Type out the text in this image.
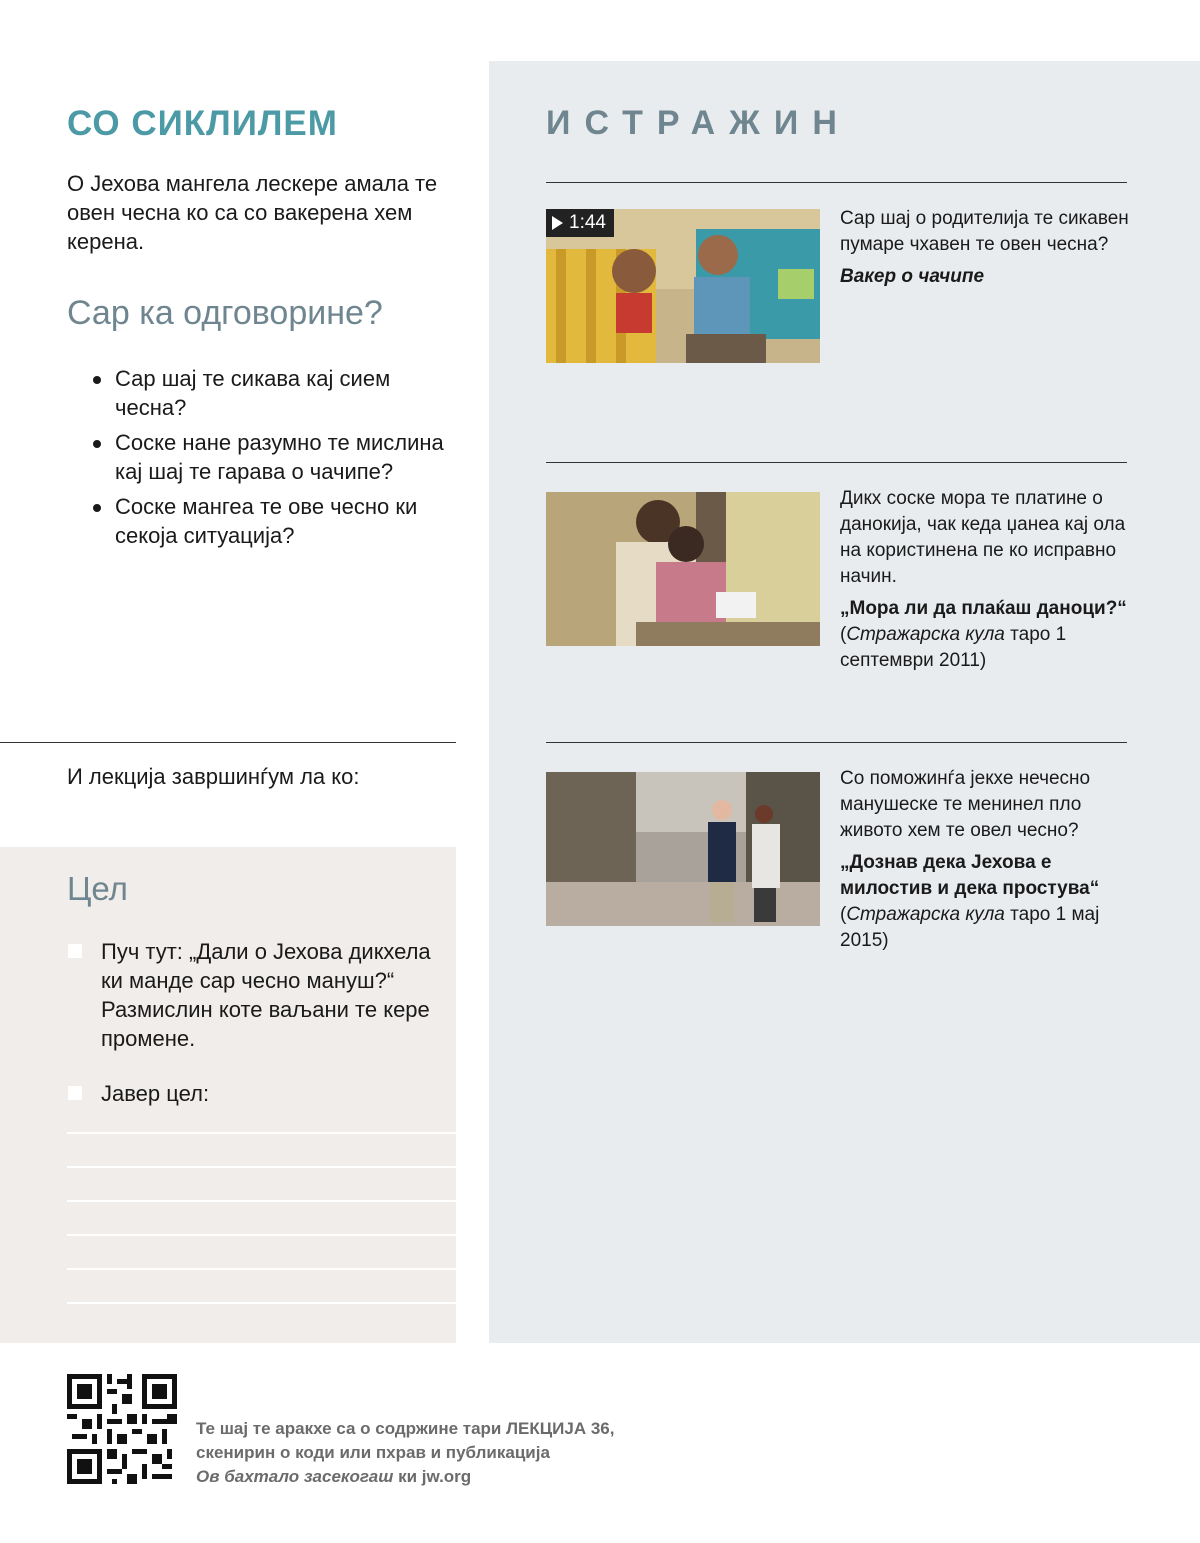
СО СИКЛИЛЕМ

О Јехова мангела лескере амала те овен чесна ко са со вакерена хем керена.

Сар ка одговорине?
Сар шај те сикава кај сием чесна?
Соске нане разумно те мислина кај шај те гарава о чачипе?
Соске мангеа те ове чесно ки секоја ситуација?
И лекција завршинѓум ла ко:
Цел
Пуч тут: „Дали о Јехова дикхела ки манде сар чесно мануш?“ Размислин коте ваљани те кере промене.
Јавер цел:
ИСТРАЖИН
1:44	Сар шај о родителија те сикавен пумаре чхавен те овен чесна?

Вакер о чачипе

Дикх соске мора те платине о данокија, чак кеда џанеа кај ола на користинена пе ко исправно начин.

„Мора ли да плаќаш даноци?“ (Стражарска кула таро 1 септември 2011)

Со поможинѓа јекхе нечесно манушеске те менинел пло живото хем те овел чесно?

„Дознав дека Јехова е милостив и дека простува“ (Стражарска кула таро 1 мај 2015)

Те шај те аракхе са о содржине тари ЛЕКЦИЈА 36,
скенирин о коди или пхрав и публикација
Ов бахтало засекогаш ки jw.org
